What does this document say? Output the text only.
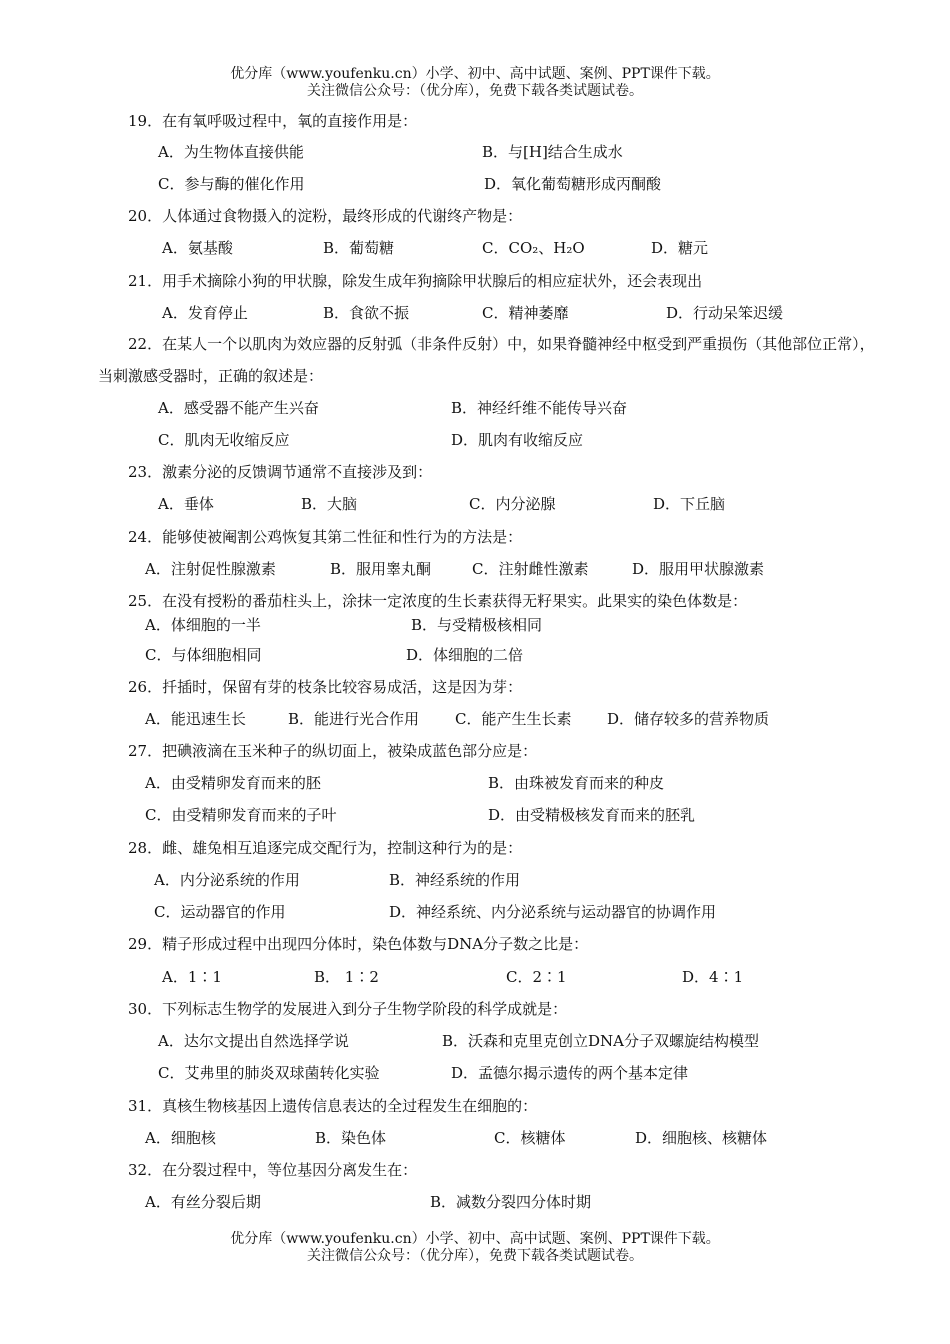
优分库（www.youfenku.cn）小学、初中、高中试题、案例、PPT课件下载。
关注微信公众号：（优分库），免费下载各类试题试卷。
19．在有氧呼吸过程中，氧的直接作用是：
A．为生物体直接供能	B．与[H]结合生成水
C．参与酶的催化作用	D．氧化葡萄糖形成丙酮酸
20．人体通过食物摄入的淀粉，最终形成的代谢终产物是：
A．氨基酸	B．葡萄糖	C．CO₂、H₂O	D．糖元
21．用手术摘除小狗的甲状腺，除发生成年狗摘除甲状腺后的相应症状外，还会表现出
A．发育停止	B．食欲不振	C．精神萎靡	D．行动呆笨迟缓
22．在某人一个以肌肉为效应器的反射弧（非条件反射）中，如果脊髓神经中枢受到严重损伤（其他部位正常），当刺激感受器时，正确的叙述是：
A．感受器不能产生兴奋	B．神经纤维不能传导兴奋
C．肌肉无收缩反应	D．肌肉有收缩反应
23．激素分泌的反馈调节通常不直接涉及到：
A．垂体	B．大脑	C．内分泌腺	D．下丘脑
24．能够使被阉割公鸡恢复其第二性征和性行为的方法是：
A．注射促性腺激素	B．服用睾丸酮	C．注射雌性激素	D．服用甲状腺激素
25．在没有授粉的番茄柱头上，涂抹一定浓度的生长素获得无籽果实。此果实的染色体数是：
A．体细胞的一半	B．与受精极核相同
C．与体细胞相同	D．体细胞的二倍
26．扦插时，保留有芽的枝条比较容易成活，这是因为芽：
A．能迅速生长	B．能进行光合作用 C．能产生生长素 D．储存较多的营养物质
27．把碘液滴在玉米种子的纵切面上，被染成蓝色部分应是：
A．由受精卵发育而来的胚	B．由珠被发育而来的种皮
C．由受精卵发育而来的子叶	D．由受精极核发育而来的胚乳
28．雌、雄兔相互追逐完成交配行为，控制这种行为的是：
A．内分泌系统的作用	B．神经系统的作用
C．运动器官的作用	D．神经系统、内分泌系统与运动器官的协调作用
29．精子形成过程中出现四分体时，染色体数与DNA分子数之比是：
A．1∶1	B． 1∶2	C．2∶1	D．4∶1
30．下列标志生物学的发展进入到分子生物学阶段的科学成就是：
A．达尔文提出自然选择学说	B．沃森和克里克创立DNA分子双螺旋结构模型
C．艾弗里的肺炎双球菌转化实验	D．孟德尔揭示遗传的两个基本定律
31．真核生物核基因上遗传信息表达的全过程发生在细胞的：
A．细胞核	B．染色体	C．核糖体	D．细胞核、核糖体
32．在分裂过程中，等位基因分离发生在：
A．有丝分裂后期	B．减数分裂四分体时期
优分库（www.youfenku.cn）小学、初中、高中试题、案例、PPT课件下载。
关注微信公众号：（优分库），免费下载各类试题试卷。
